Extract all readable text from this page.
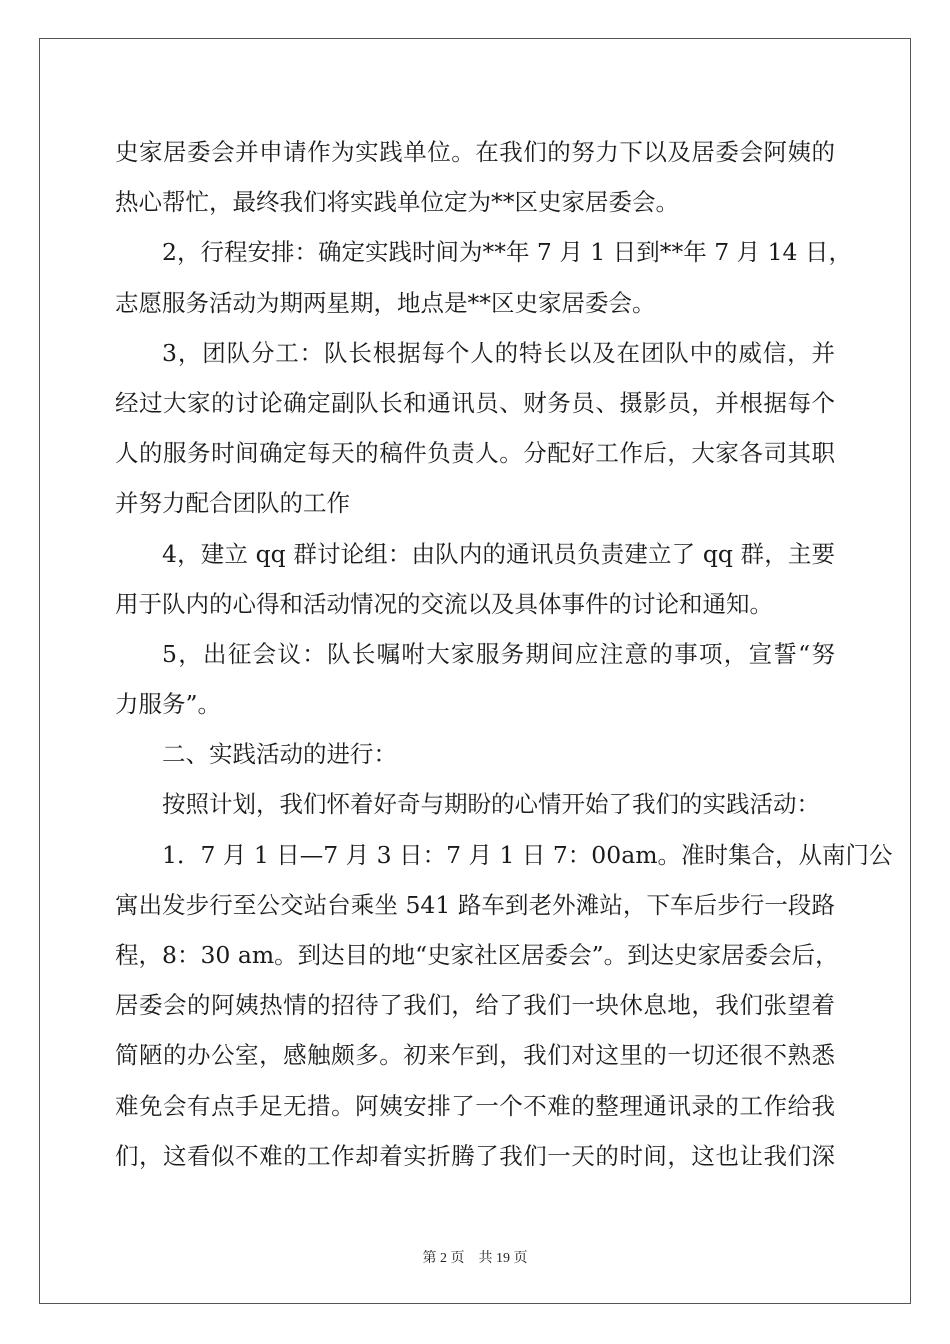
史家居委会并申请作为实践单位。在我们的努力下以及居委会阿姨的
热心帮忙，最终我们将实践单位定为**区史家居委会。
2，行程安排：确定实践时间为**年 7 月 1 日到**年 7 月 14 日，
志愿服务活动为期两星期，地点是**区史家居委会。
3，团队分工：队长根据每个人的特长以及在团队中的威信，并
经过大家的讨论确定副队长和通讯员、财务员、摄影员，并根据每个
人的服务时间确定每天的稿件负责人。分配好工作后，大家各司其职
并努力配合团队的工作
4，建立 qq 群讨论组：由队内的通讯员负责建立了 qq 群，主要
用于队内的心得和活动情况的交流以及具体事件的讨论和通知。
5，出征会议：队长嘱咐大家服务期间应注意的事项，宣誓“努
力服务”。
二、实践活动的进行：
按照计划，我们怀着好奇与期盼的心情开始了我们的实践活动：
1．7 月 1 日—7 月 3 日：7 月 1 日 7：00am。准时集合，从南门公
寓出发步行至公交站台乘坐 541 路车到老外滩站，下车后步行一段路
程，8：30 am。到达目的地“史家社区居委会”。到达史家居委会后，
居委会的阿姨热情的招待了我们，给了我们一块休息地，我们张望着
简陋的办公室，感触颇多。初来乍到，我们对这里的一切还很不熟悉
难免会有点手足无措。阿姨安排了一个不难的整理通讯录的工作给我
们，这看似不难的工作却着实折腾了我们一天的时间，这也让我们深
第 2 页 共 19 页
